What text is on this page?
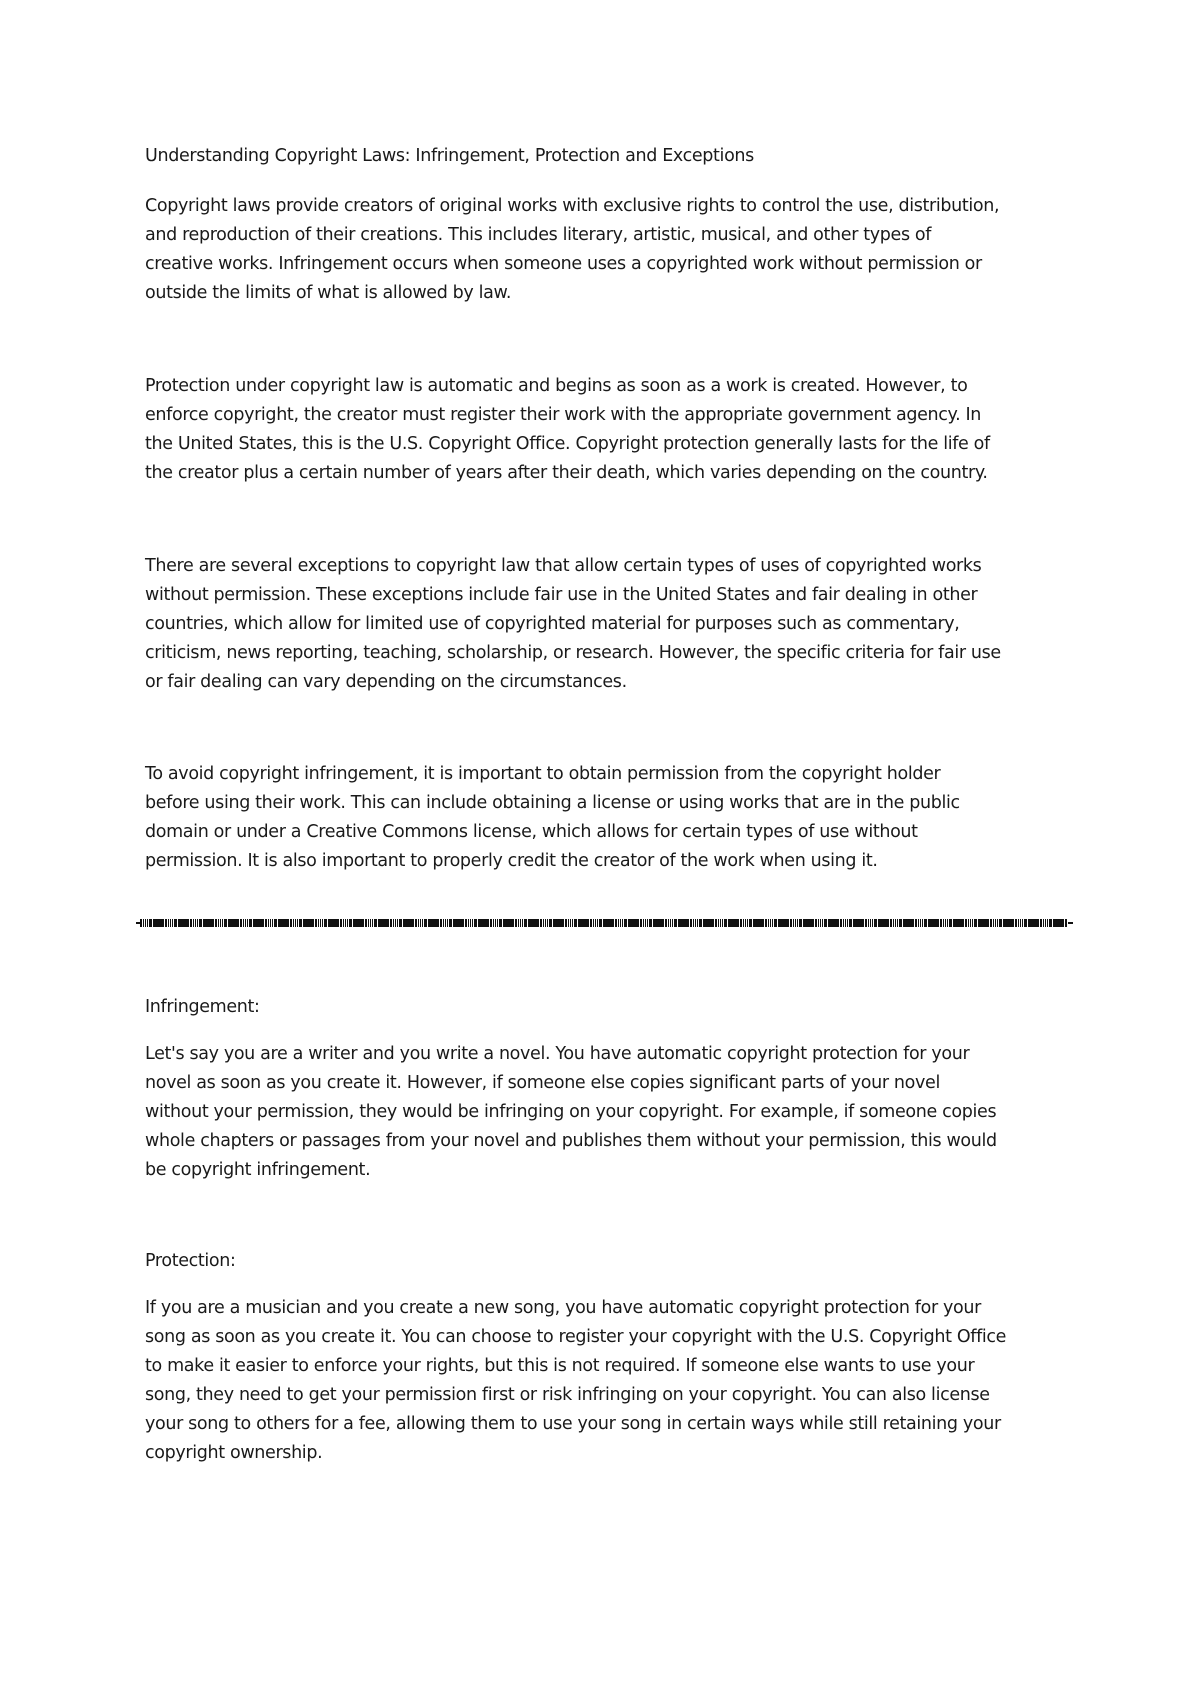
Understanding Copyright Laws: Infringement, Protection and Exceptions
Copyright laws provide creators of original works with exclusive rights to control the use, distribution,
and reproduction of their creations. This includes literary, artistic, musical, and other types of
creative works. Infringement occurs when someone uses a copyrighted work without permission or
outside the limits of what is allowed by law.
Protection under copyright law is automatic and begins as soon as a work is created. However, to
enforce copyright, the creator must register their work with the appropriate government agency. In
the United States, this is the U.S. Copyright Office. Copyright protection generally lasts for the life of
the creator plus a certain number of years after their death, which varies depending on the country.
There are several exceptions to copyright law that allow certain types of uses of copyrighted works
without permission. These exceptions include fair use in the United States and fair dealing in other
countries, which allow for limited use of copyrighted material for purposes such as commentary,
criticism, news reporting, teaching, scholarship, or research. However, the specific criteria for fair use
or fair dealing can vary depending on the circumstances.
To avoid copyright infringement, it is important to obtain permission from the copyright holder
before using their work. This can include obtaining a license or using works that are in the public
domain or under a Creative Commons license, which allows for certain types of use without
permission. It is also important to properly credit the creator of the work when using it.
Infringement:
Let's say you are a writer and you write a novel. You have automatic copyright protection for your
novel as soon as you create it. However, if someone else copies significant parts of your novel
without your permission, they would be infringing on your copyright. For example, if someone copies
whole chapters or passages from your novel and publishes them without your permission, this would
be copyright infringement.
Protection:
If you are a musician and you create a new song, you have automatic copyright protection for your
song as soon as you create it. You can choose to register your copyright with the U.S. Copyright Office
to make it easier to enforce your rights, but this is not required. If someone else wants to use your
song, they need to get your permission first or risk infringing on your copyright. You can also license
your song to others for a fee, allowing them to use your song in certain ways while still retaining your
copyright ownership.
